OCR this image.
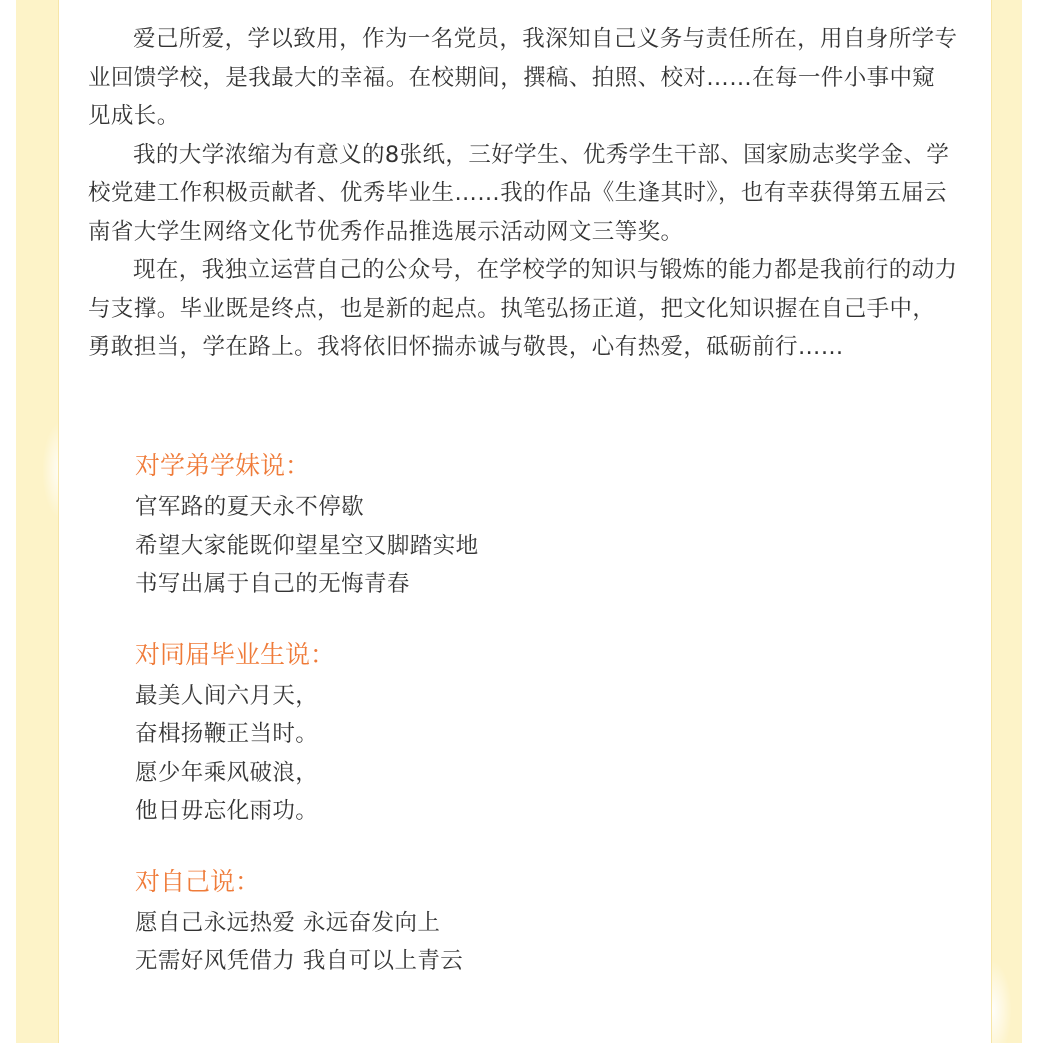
爱己所爱，学以致用，作为一名党员，我深知自己义务与责任所在，用自身所学专业回馈学校，是我最大的幸福。在校期间，撰稿、拍照、校对……在每一件小事中窥见成长。

我的大学浓缩为有意义的8张纸，三好学生、优秀学生干部、国家励志奖学金、学校党建工作积极贡献者、优秀毕业生……我的作品《生逢其时》，也有幸获得第五届云南省大学生网络文化节优秀作品推选展示活动网文三等奖。

现在，我独立运营自己的公众号，在学校学的知识与锻炼的能力都是我前行的动力与支撑。毕业既是终点，也是新的起点。执笔弘扬正道，把文化知识握在自己手中，勇敢担当，学在路上。我将依旧怀揣赤诚与敬畏，心有热爱，砥砺前行……

对学弟学妹说：
官军路的夏天永不停歇
希望大家能既仰望星空又脚踏实地
书写出属于自己的无悔青春
对同届毕业生说：
最美人间六月天，
奋楫扬鞭正当时。
愿少年乘风破浪，
他日毋忘化雨功。
对自己说：
愿自己永远热爱 永远奋发向上
无需好风凭借力 我自可以上青云
